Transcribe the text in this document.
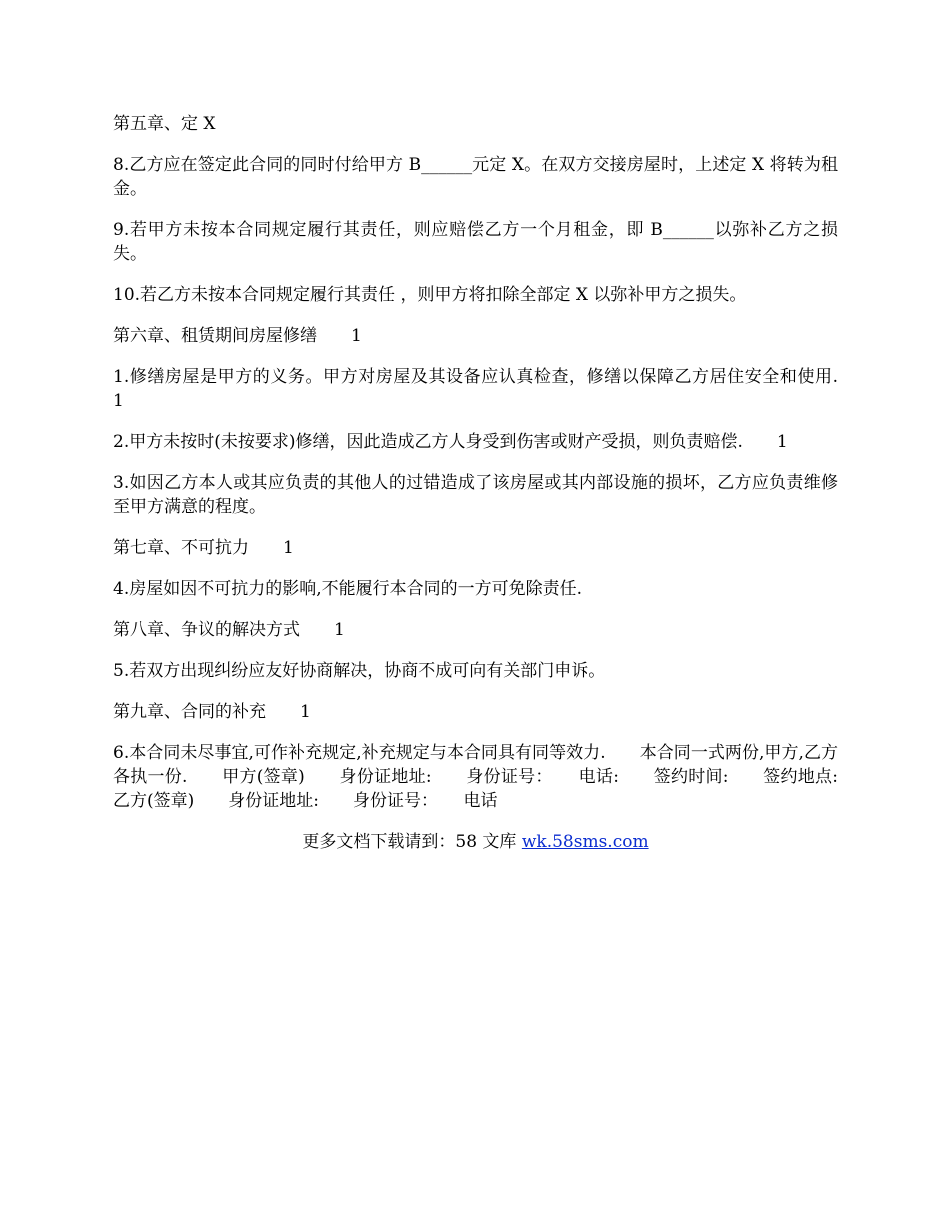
第五章、定 X

8.乙方应在签定此合同的同时付给甲方 B______元定 X。在双方交接房屋时，上述定 X 将转为租金。

9.若甲方未按本合同规定履行其责任，则应赔偿乙方一个月租金，即 B______以弥补乙方之损失。

10.若乙方未按本合同规定履行其责任 ，则甲方将扣除全部定 X 以弥补甲方之损失。

第六章、租赁期间房屋修缮　　1

1.修缮房屋是甲方的义务。甲方对房屋及其设备应认真检查，修缮以保障乙方居住安全和使用.　　1

2.甲方未按时(未按要求)修缮，因此造成乙方人身受到伤害或财产受损，则负责赔偿.　　1

3.如因乙方本人或其应负责的其他人的过错造成了该房屋或其内部设施的损坏，乙方应负责维修至甲方满意的程度。

第七章、不可抗力　　1

4.房屋如因不可抗力的影响,不能履行本合同的一方可免除责任.

第八章、争议的解决方式　　1

5.若双方出现纠纷应友好协商解决，协商不成可向有关部门申诉。

第九章、合同的补充　　1

6.本合同未尽事宜,可作补充规定,补充规定与本合同具有同等效力.　　本合同一式两份,甲方,乙方各执一份.　　甲方(签章)　　身份证地址:　　身份证号：　　电话:　　签约时间:　　签约地点:　　乙方(签章)　　身份证地址:　　身份证号：　　电话

更多文档下载请到：58 文库 wk.58sms.com
